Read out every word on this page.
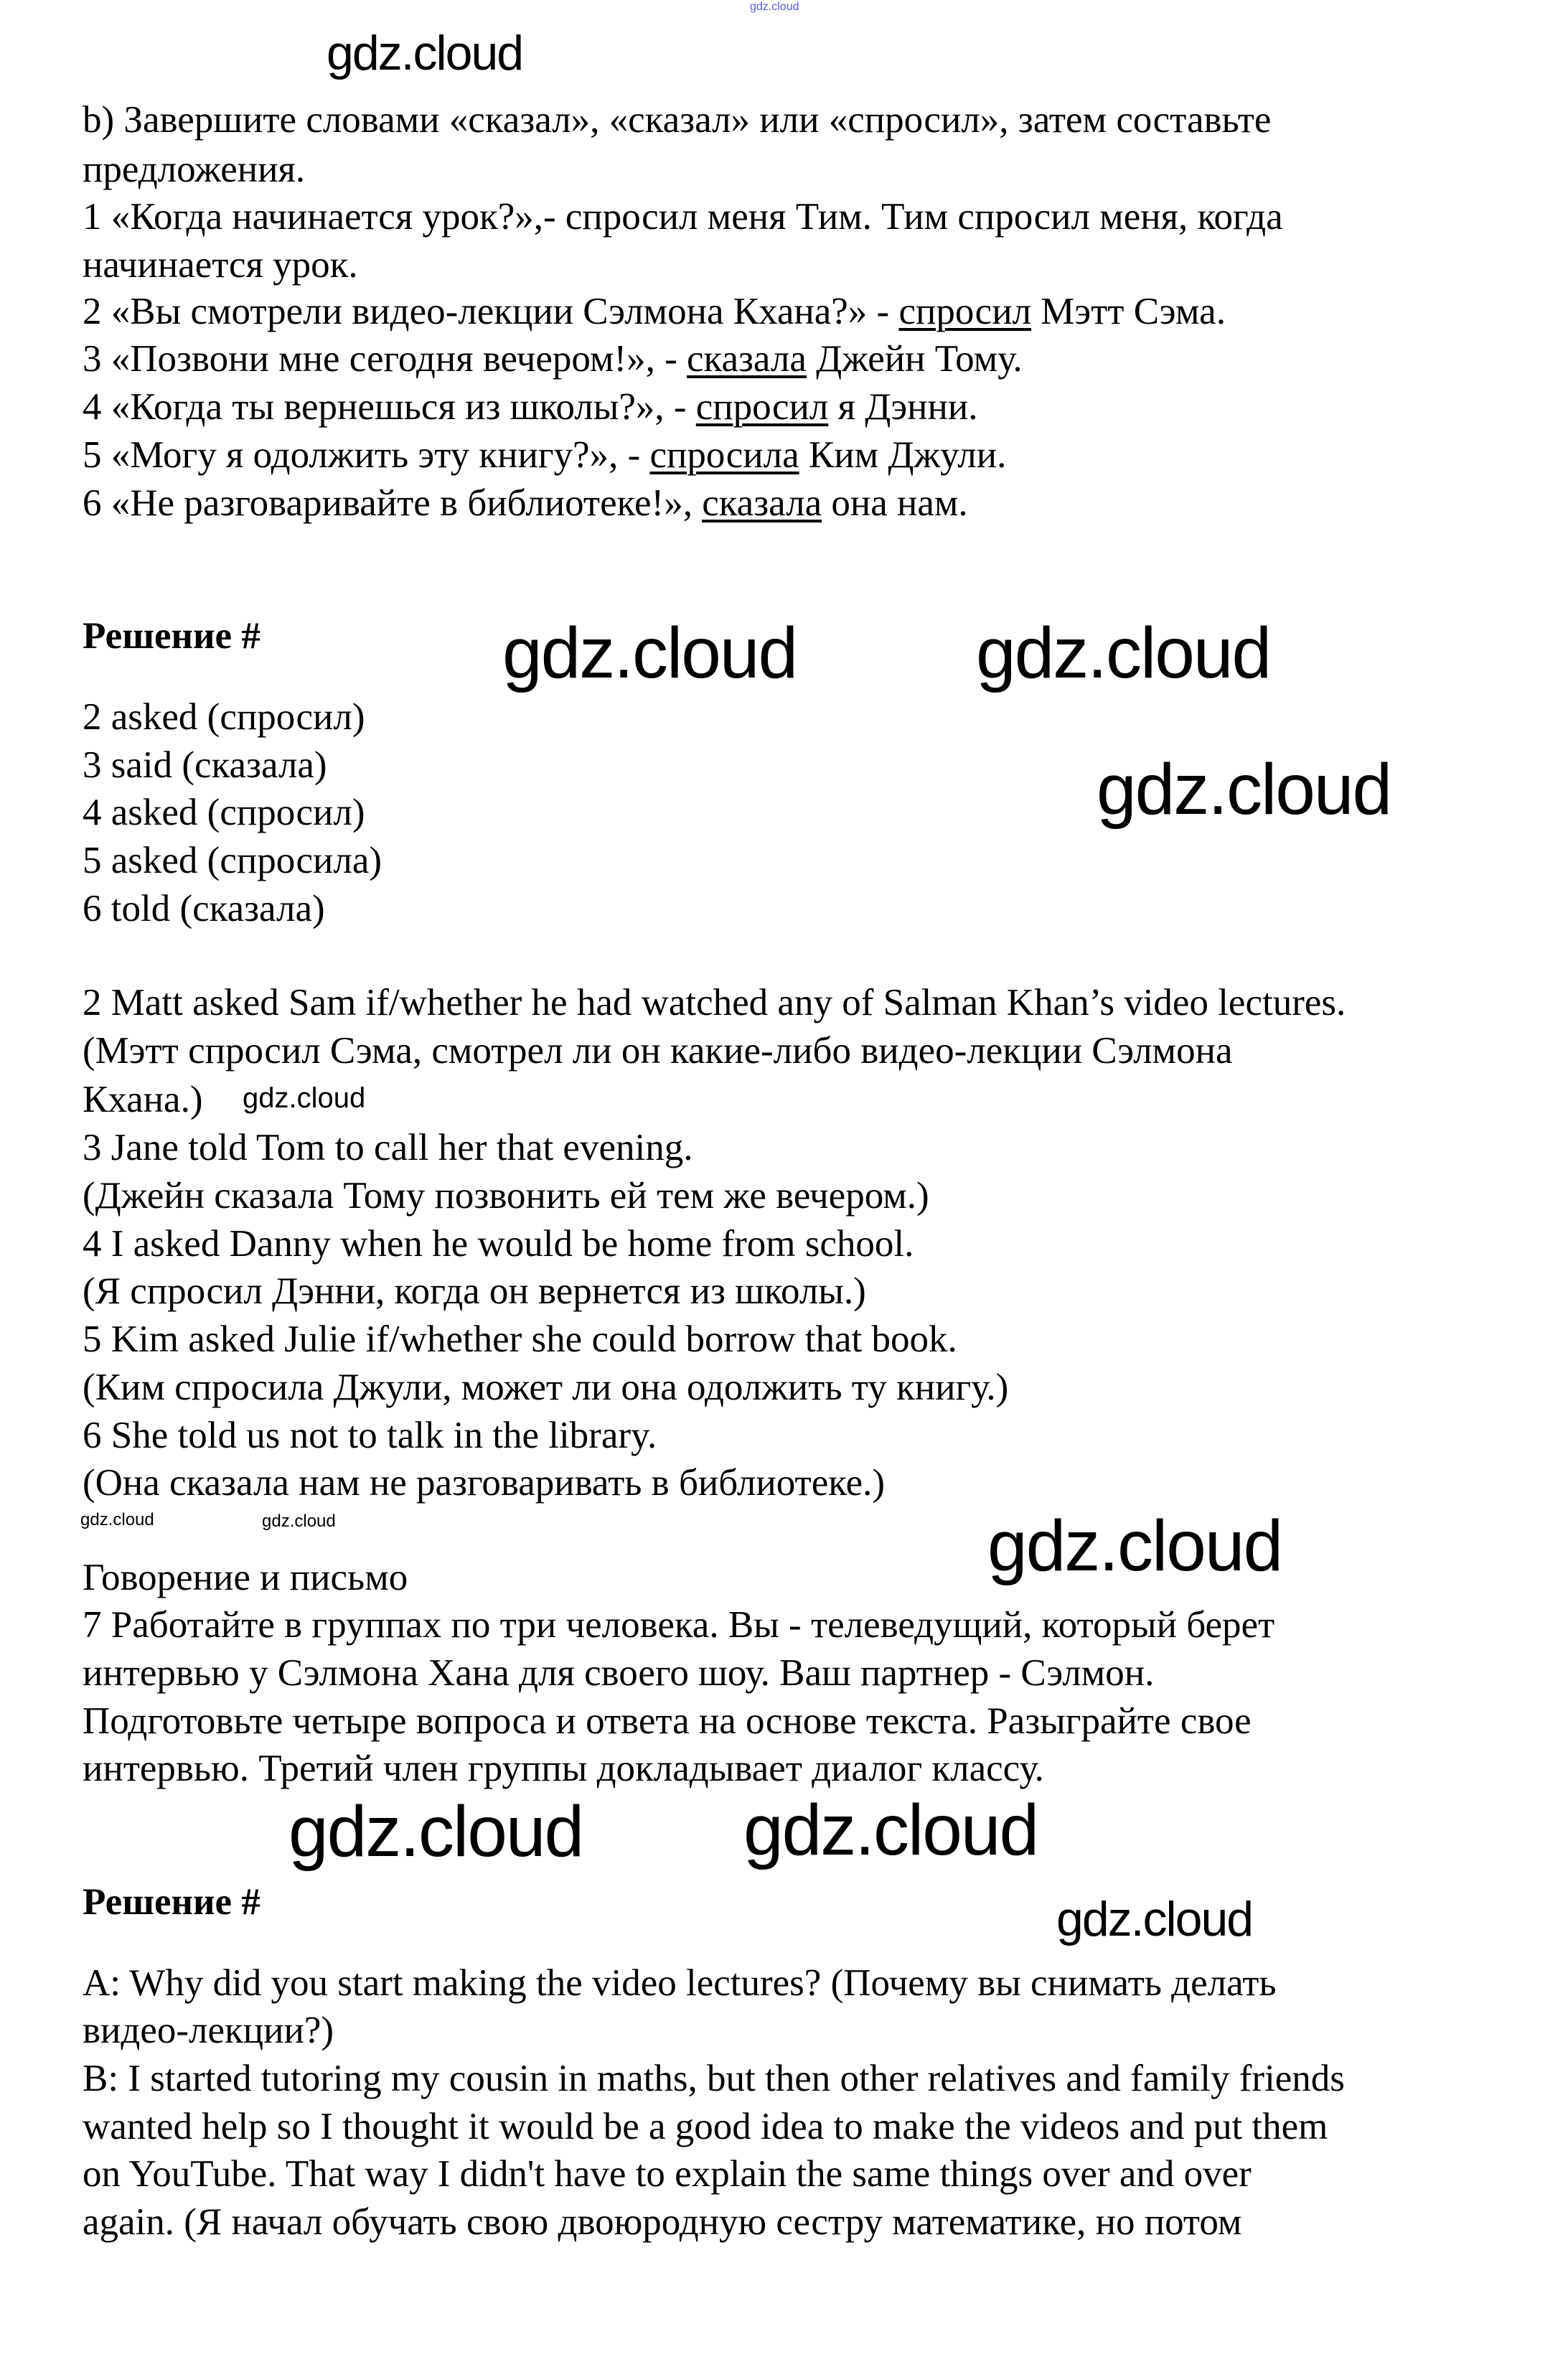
gdz.cloud
gdz.cloud
gdz.cloud
gdz.cloud gdz.cloud
gdz.cloud
gdz.cloud
gdz.cloud	gdz.cloud	gdz.cloud
gdz.cloud
gdz.cloud
b) Завершите словами «сказал», «сказал» или «спросил», затем составьте
предложения.
1 «Когда начинается урок?»,- спросил меня Тим. Тим спросил меня, когда
начинается урок.
2 «Вы смотрели видео-лекции Сэлмона Кхана?» - спросил Мэтт Сэма.
3 «Позвони мне сегодня вечером!», - сказала Джейн Тому.
4 «Когда ты вернешься из школы?», - спросил я Дэнни.
5 «Могу я одолжить эту книгу?», - спросила Ким Джули.
6 «Не разговаривайте в библиотеке!», сказала она нам.
Решение #
2 asked (спросил)
3 said (сказала)
4 asked (спросил)
5 asked (спросила)
6 told (сказала)
2 Matt asked Sam if/whether he had watched any of Salman Khan’s video lectures.
(Мэтт спросил Сэма, смотрел ли он какие-либо видео-лекции Сэлмона
Кхана.)
3 Jane told Tom to call her that evening.
(Джейн сказала Тому позвонить ей тем же вечером.)
4 I asked Danny when he would be home from school.
(Я спросил Дэнни, когда он вернется из школы.)
5 Kim asked Julie if/whether she could borrow that book.
(Ким спросила Джули, может ли она одолжить ту книгу.)
6 She told us not to talk in the library.
(Она сказала нам не разговаривать в библиотеке.)
Говорение и письмо
7 Работайте в группах по три человека. Вы - телеведущий, который берет
интервью у Сэлмона Хана для своего шоу. Ваш партнер - Сэлмон.
Подготовьте четыре вопроса и ответа на основе текста. Разыграйте свое
интервью. Третий член группы докладывает диалог классу.
Решение #
A: Why did you start making the video lectures? (Почему вы снимать делать
видео-лекции?)
B: I started tutoring my cousin in maths, but then other relatives and family friends
wanted help so I thought it would be a good idea to make the videos and put them
on YouTube. That way I didn't have to explain the same things over and over
again. (Я начал обучать свою двоюродную сестру математике, но потом
